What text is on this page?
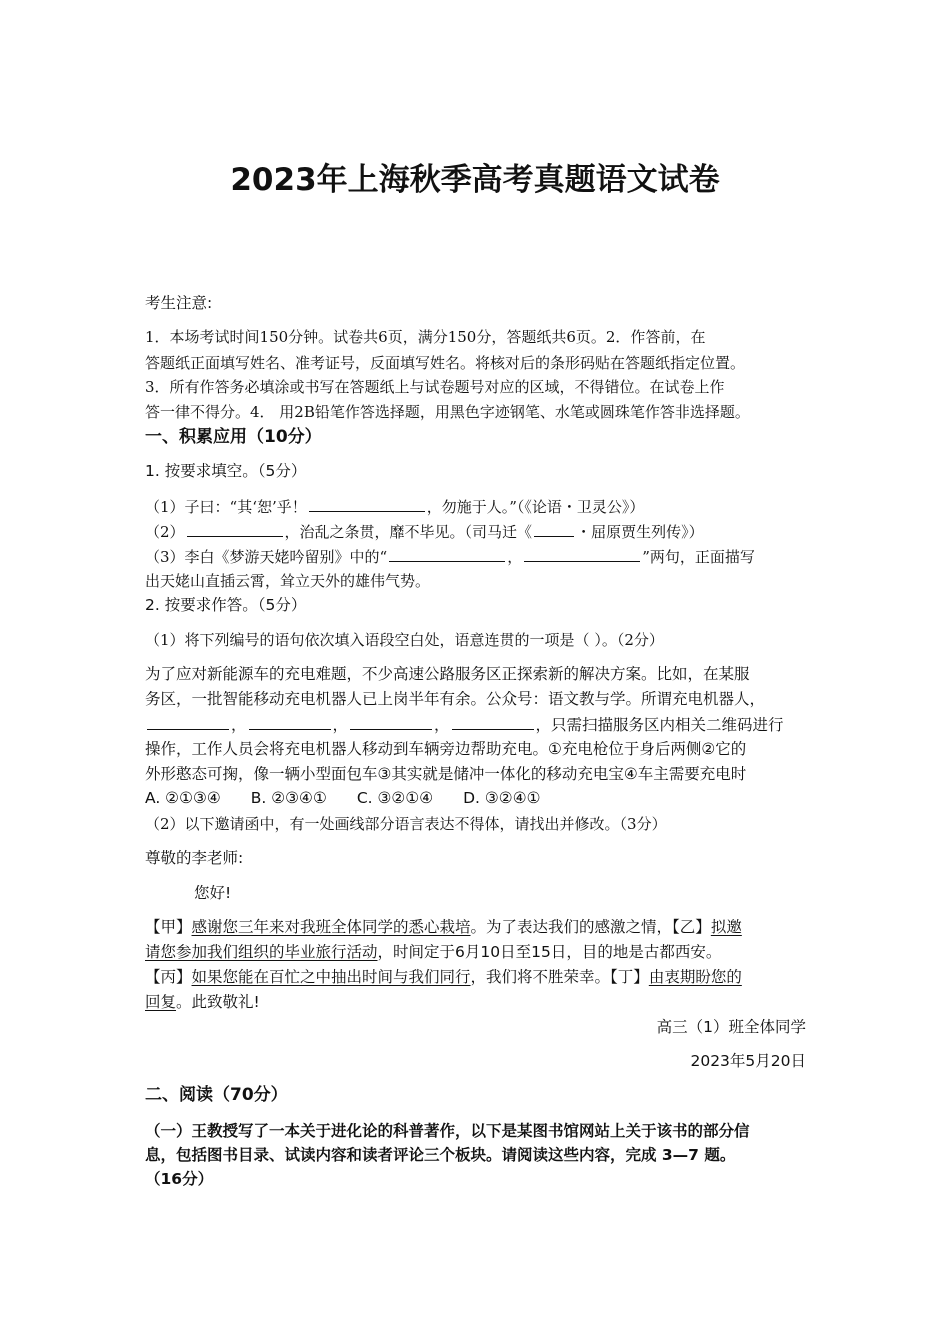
2023年上海秋季高考真题语文试卷
考生注意:
1．本场考试时间150分钟。试卷共6页，满分150分，答题纸共6页。2．作答前，在
答题纸正面填写姓名、准考证号，反面填写姓名。将核对后的条形码贴在答题纸指定位置。
3．所有作答务必填涂或书写在答题纸上与试卷题号对应的区域，不得错位。在试卷上作
答一律不得分。4． 用2B铅笔作答选择题，用黑色字迹钢笔、水笔或圆珠笔作答非选择题。
一、积累应用（10分）
1. 按要求填空。（5分）
（1）子曰：“其‘恕’乎！	，勿施于人。”（《论语・卫灵公》）
（2）	，治乱之条贯，靡不毕见。（司马迁《	・屈原贾生列传》）
（3）李白《梦游天姥吟留别》中的“	，	”两句，正面描写
出天姥山直插云霄，耸立天外的雄伟气势。
2. 按要求作答。（5分）
（1）将下列编号的语句依次填入语段空白处，语意连贯的一项是（ ）。（2分）
为了应对新能源车的充电难题，不少高速公路服务区正探索新的解决方案。比如，在某服
务区，一批智能移动充电机器人已上岗半年有余。公众号：语文教与学。所谓充电机器人，
，	，	，	，只需扫描服务区内相关二维码进行
操作，工作人员会将充电机器人移动到车辆旁边帮助充电。①充电枪位于身后两侧②它的
外形憨态可掬，像一辆小型面包车③其实就是储冲一体化的移动充电宝④车主需要充电时
A. ②①③④ B. ②③④① C. ③②①④ D. ③②④①
（2）以下邀请函中，有一处画线部分语言表达不得体，请找出并修改。（3分）
尊敬的李老师:
您好!
【甲】感谢您三年来对我班全体同学的悉心栽培。为了表达我们的感激之情，【乙】拟邀
请您参加我们组织的毕业旅行活动，时间定于6月10日至15日，目的地是古都西安。
【丙】如果您能在百忙之中抽出时间与我们同行，我们将不胜荣幸。【丁】由衷期盼您的
回复。此致敬礼!
高三（1）班全体同学
2023年5月20日
二、阅读（70分）
（一）王教授写了一本关于进化论的科普著作，以下是某图书馆网站上关于该书的部分信
息，包括图书目录、试读内容和读者评论三个板块。请阅读这些内容，完成 3—7 题。
（16分）
